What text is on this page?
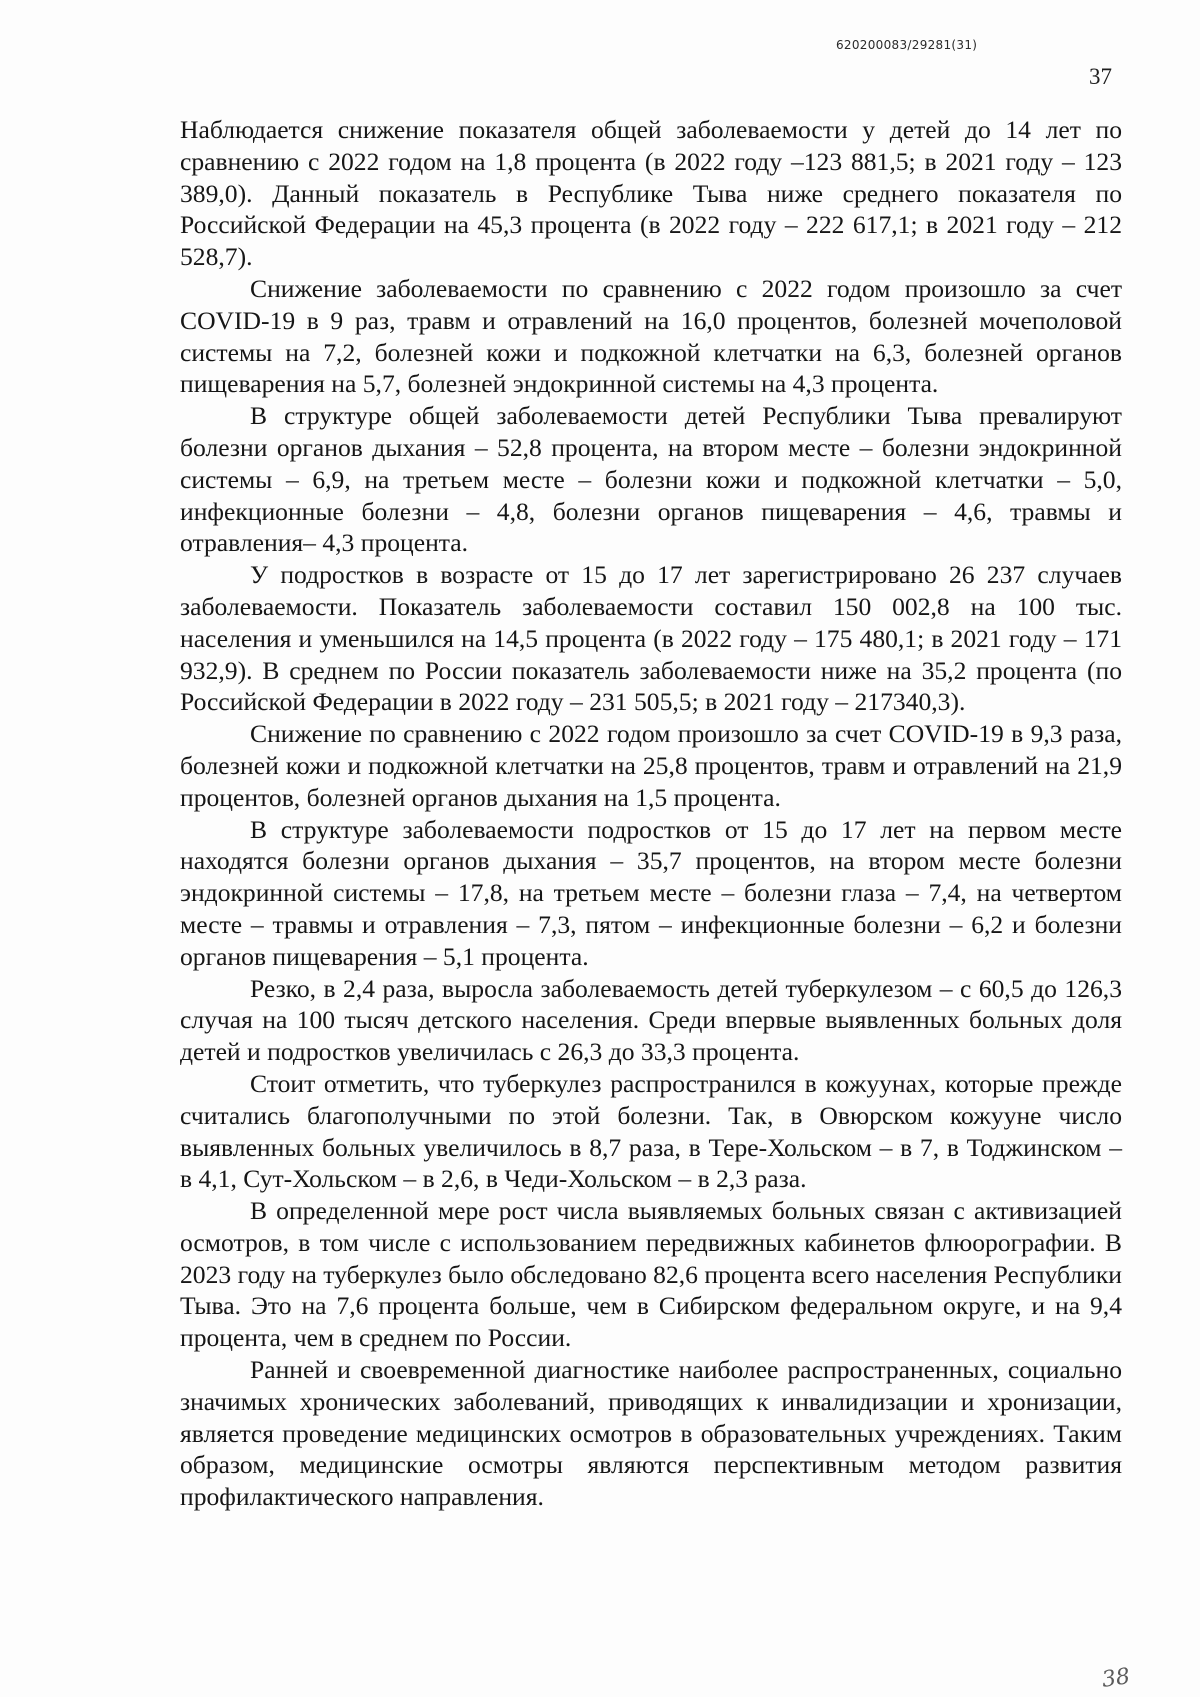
620200083/29281(31)
37

Наблюдается снижение показателя общей заболеваемости у детей до 14 лет по сравнению с 2022 годом на 1,8 процента (в 2022 году –123 881,5; в 2021 году – 123 389,0). Данный показатель в Республике Тыва ниже среднего показателя по Российской Федерации на 45,3 процента (в 2022 году – 222 617,1; в 2021 году – 212 528,7).

Снижение заболеваемости по сравнению с 2022 годом произошло за счет COVID-19 в 9 раз, травм и отравлений на 16,0 процентов, болезней мочеполовой системы на 7,2, болезней кожи и подкожной клетчатки на 6,3, болезней органов пищеварения на 5,7, болезней эндокринной системы на 4,3 процента.

В структуре общей заболеваемости детей Республики Тыва превалируют болезни органов дыхания – 52,8 процента, на втором месте – болезни эндокринной системы – 6,9, на третьем месте – болезни кожи и подкожной клетчатки – 5,0, инфекционные болезни – 4,8, болезни органов пищеварения – 4,6, травмы и отравления– 4,3 процента.

У подростков в возрасте от 15 до 17 лет зарегистрировано 26 237 случаев заболеваемости. Показатель заболеваемости составил 150 002,8 на 100 тыс. населения и уменьшился на 14,5 процента (в 2022 году – 175 480,1; в 2021 году – 171 932,9). В среднем по России показатель заболеваемости ниже на 35,2 процента (по Российской Федерации в 2022 году – 231 505,5; в 2021 году – 217340,3).

Снижение по сравнению с 2022 годом произошло за счет COVID-19 в 9,3 раза, болезней кожи и подкожной клетчатки на 25,8 процентов, травм и отравлений на 21,9 процентов, болезней органов дыхания на 1,5 процента.

В структуре заболеваемости подростков от 15 до 17 лет на первом месте находятся болезни органов дыхания – 35,7 процентов, на втором месте болезни эндокринной системы – 17,8, на третьем месте – болезни глаза – 7,4, на четвертом месте – травмы и отравления – 7,3, пятом – инфекционные болезни – 6,2 и болезни органов пищеварения – 5,1 процента.

Резко, в 2,4 раза, выросла заболеваемость детей туберкулезом – с 60,5 до 126,3 случая на 100 тысяч детского населения. Среди впервые выявленных больных доля детей и подростков увеличилась с 26,3 до 33,3 процента.

Стоит отметить, что туберкулез распространился в кожуунах, которые прежде считались благополучными по этой болезни. Так, в Овюрском кожууне число выявленных больных увеличилось в 8,7 раза, в Тере-Хольском – в 7, в Тоджинском – в 4,1, Сут-Хольском – в 2,6, в Чеди-Хольском – в 2,3 раза.

В определенной мере рост числа выявляемых больных связан с активизацией осмотров, в том числе с использованием передвижных кабинетов флюорографии. В 2023 году на туберкулез было обследовано 82,6 процента всего населения Республики Тыва. Это на 7,6 процента больше, чем в Сибирском федеральном округе, и на 9,4 процента, чем в среднем по России.

Ранней и своевременной диагностике наиболее распространенных, социально значимых хронических заболеваний, приводящих к инвалидизации и хронизации, является проведение медицинских осмотров в образовательных учреждениях. Таким образом, медицинские осмотры являются перспективным методом развития профилактического направления.

38
